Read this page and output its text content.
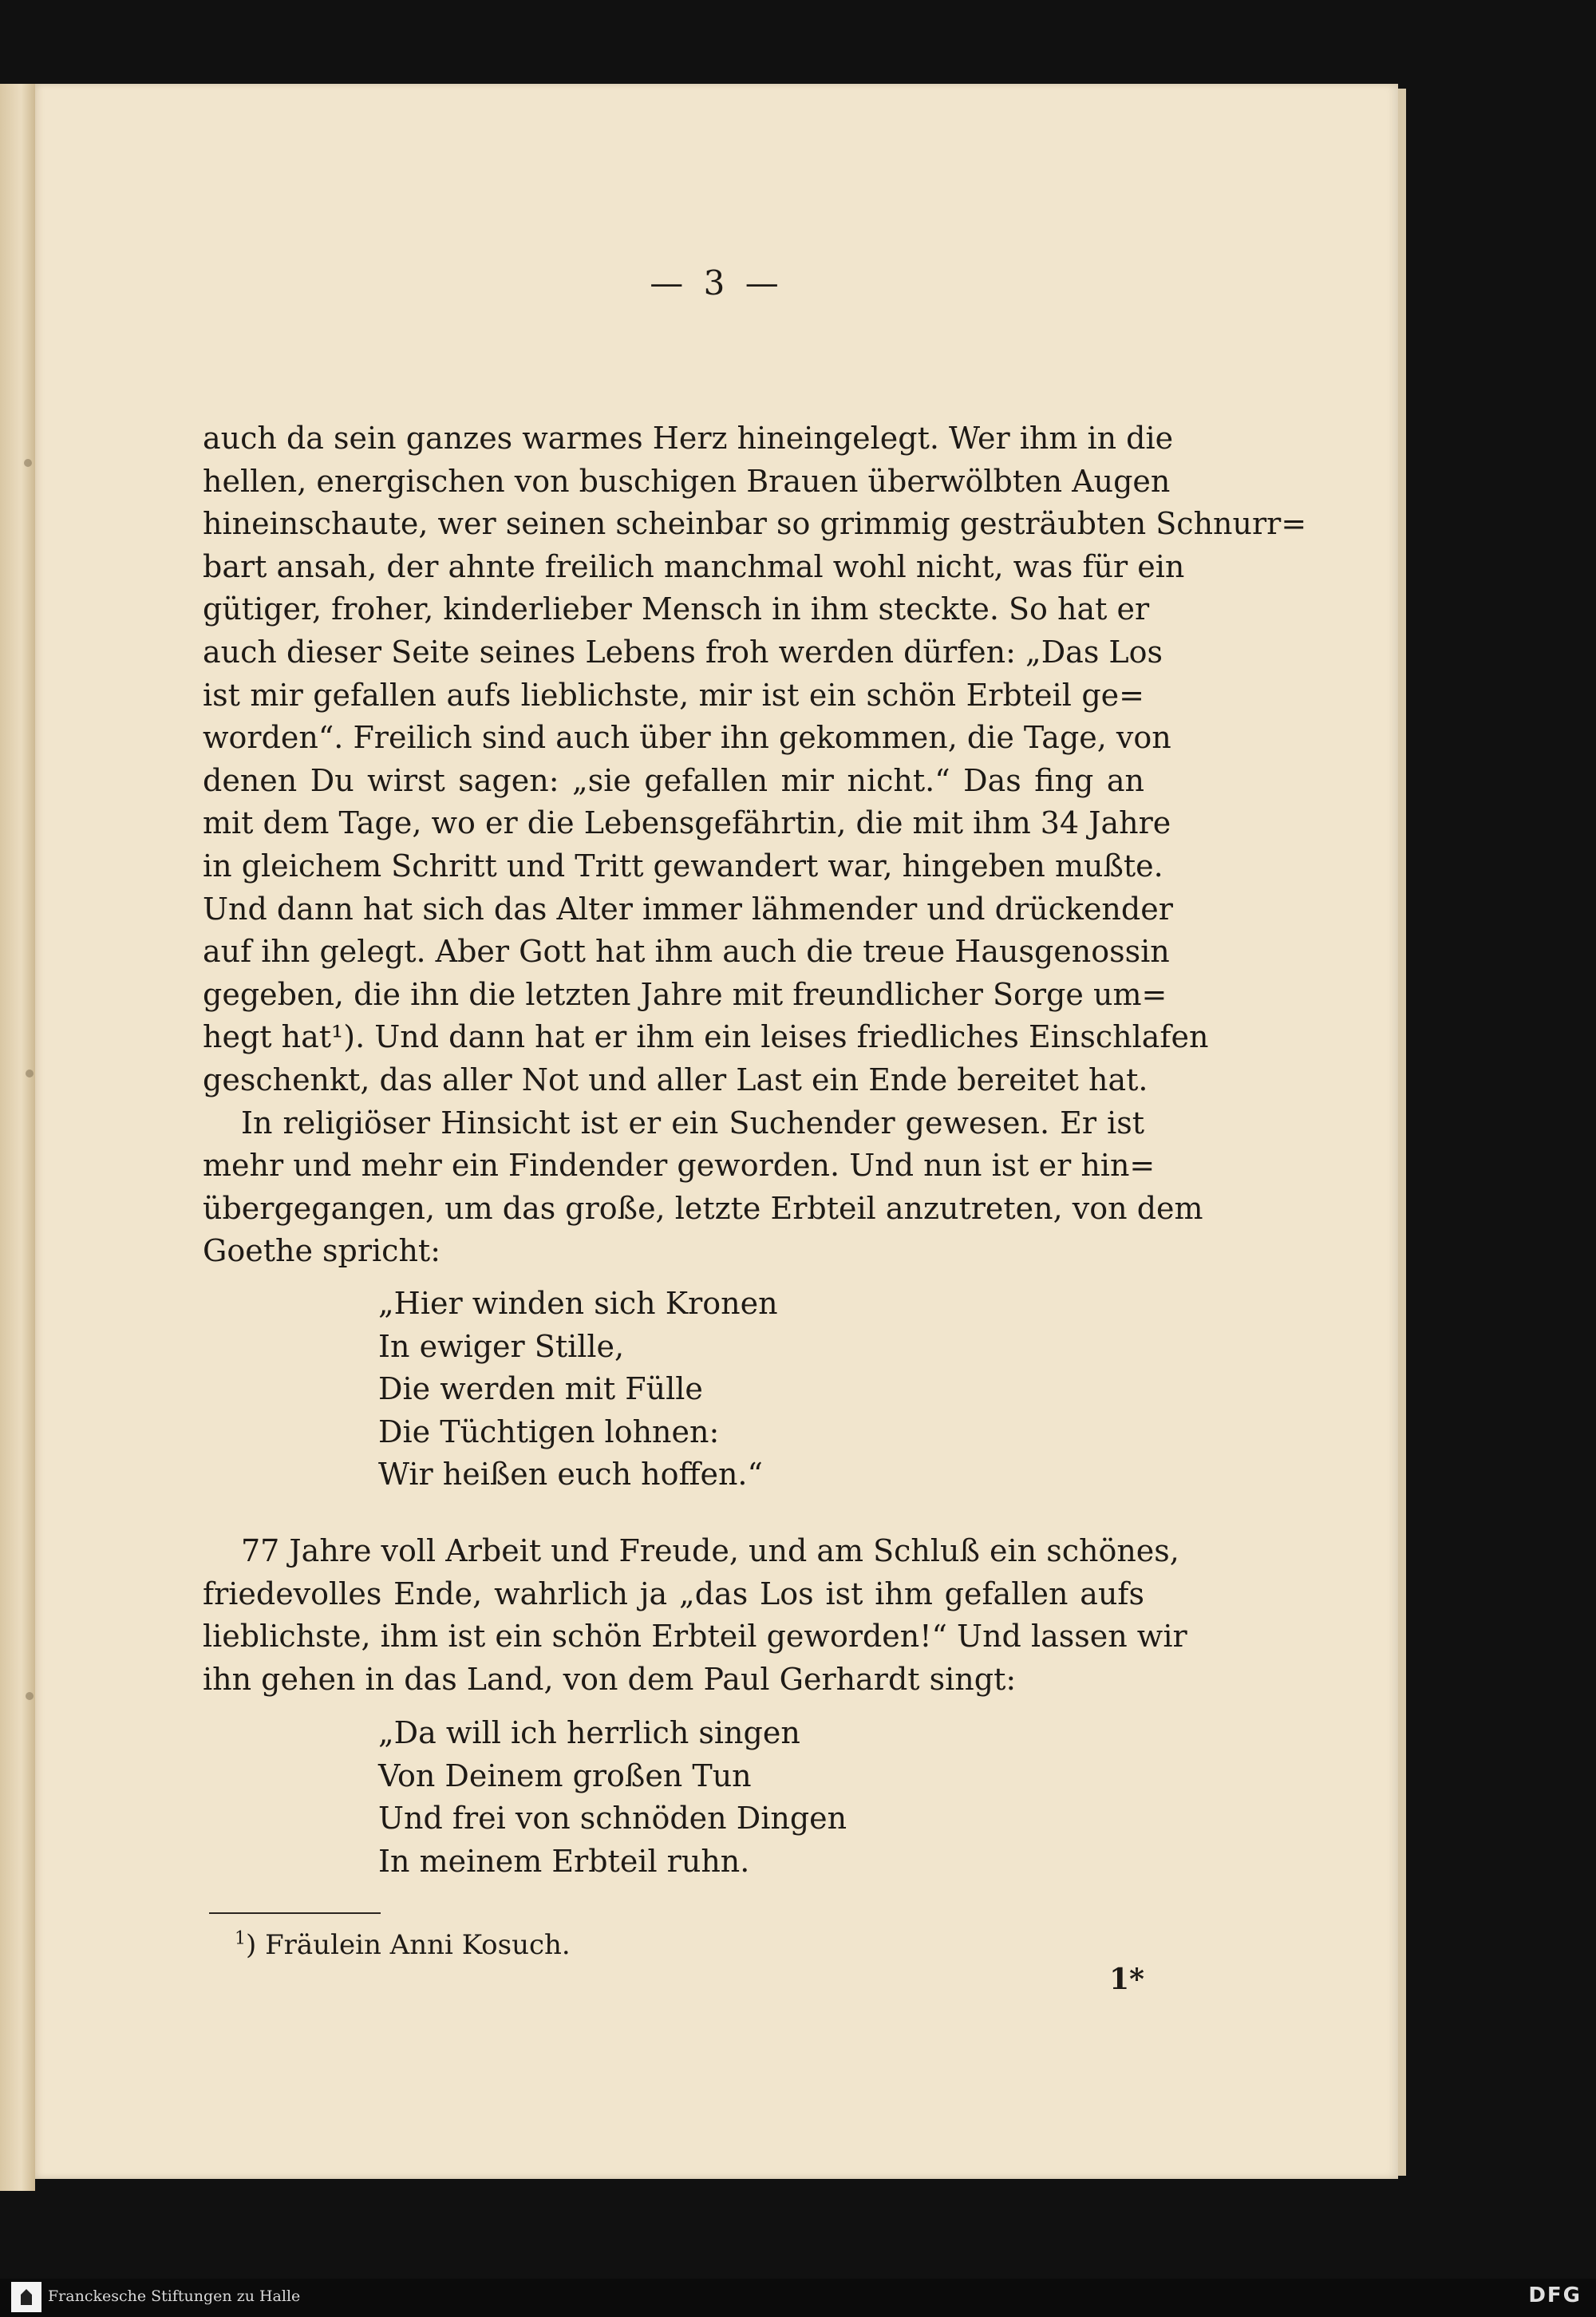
— 3 —
auch da sein ganzes warmes Herz hineingelegt. Wer ihm in die
hellen, energischen von buschigen Brauen überwölbten Augen
hineinschaute, wer seinen scheinbar so grimmig gesträubten Schnurr=
bart ansah, der ahnte freilich manchmal wohl nicht, was für ein
gütiger, froher, kinderlieber Mensch in ihm steckte. So hat er
auch dieser Seite seines Lebens froh werden dürfen: „Das Los
ist mir gefallen aufs lieblichste, mir ist ein schön Erbteil ge=
worden“. Freilich sind auch über ihn gekommen, die Tage, von
denen Du wirst sagen: „sie gefallen mir nicht.“ Das fing an
mit dem Tage, wo er die Lebensgefährtin, die mit ihm 34 Jahre
in gleichem Schritt und Tritt gewandert war, hingeben mußte.
Und dann hat sich das Alter immer lähmender und drückender
auf ihn gelegt. Aber Gott hat ihm auch die treue Hausgenossin
gegeben, die ihn die letzten Jahre mit freundlicher Sorge um=
hegt hat¹). Und dann hat er ihm ein leises friedliches Einschlafen
geschenkt, das aller Not und aller Last ein Ende bereitet hat.
In religiöser Hinsicht ist er ein Suchender gewesen. Er ist
mehr und mehr ein Findender geworden. Und nun ist er hin=
übergegangen, um das große, letzte Erbteil anzutreten, von dem
Goethe spricht:
„Hier winden sich Kronen
In ewiger Stille,
Die werden mit Fülle
Die Tüchtigen lohnen:
Wir heißen euch hoffen.“
77 Jahre voll Arbeit und Freude, und am Schluß ein schönes,
friedevolles Ende, wahrlich ja „das Los ist ihm gefallen aufs
lieblichste, ihm ist ein schön Erbteil geworden!“ Und lassen wir
ihn gehen in das Land, von dem Paul Gerhardt singt:
„Da will ich herrlich singen
Von Deinem großen Tun
Und frei von schnöden Dingen
In meinem Erbteil ruhn.
$^1$) Fräulein Anni Kosuch.
1*
Franckesche Stiftungen zu Halle	DFG
